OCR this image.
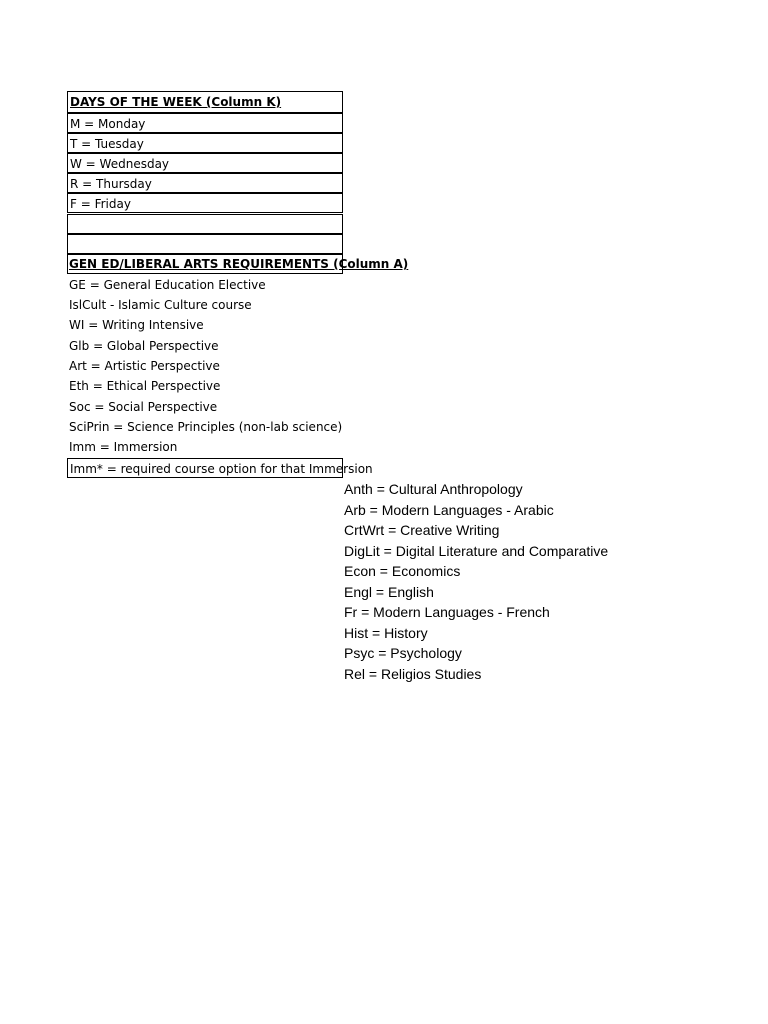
DAYS OF THE WEEK (Column K)
M = Monday
T = Tuesday
W = Wednesday
R = Thursday
F = Friday
GEN ED/LIBERAL ARTS REQUIREMENTS (Column A)
GE = General Education Elective
IslCult - Islamic Culture course
WI = Writing Intensive
Glb = Global Perspective
Art = Artistic Perspective
Eth = Ethical Perspective
Soc = Social Perspective
SciPrin = Science Principles (non-lab science)
Imm = Immersion
Imm* = required course option for that Immersion
Anth = Cultural Anthropology
Arb = Modern Languages - Arabic
CrtWrt = Creative Writing
DigLit = Digital Literature and Comparative
Econ = Economics
Engl = English
Fr = Modern Languages - French
Hist = History
Psyc = Psychology
Rel = Religios Studies
